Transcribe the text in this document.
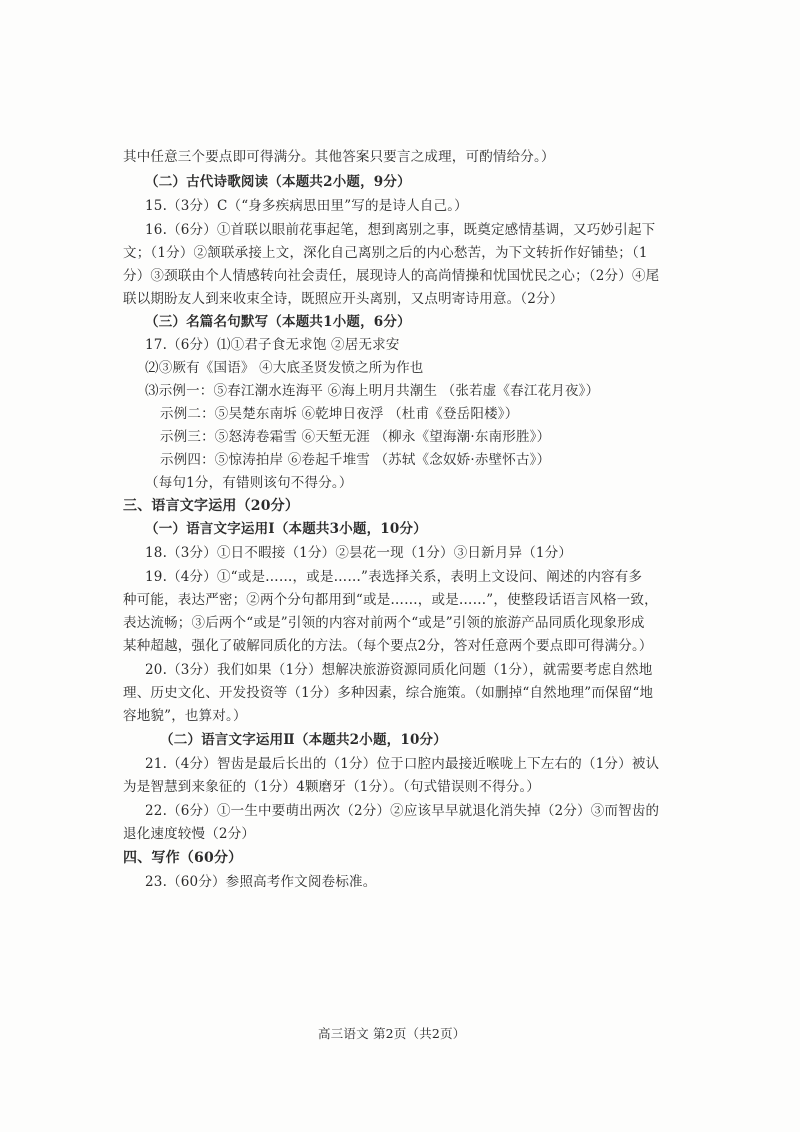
其中任意三个要点即可得满分。其他答案只要言之成理，可酌情给分。）
（二）古代诗歌阅读（本题共2小题，9分）
15.（3分）C（“身多疾病思田里”写的是诗人自己。）
16.（6分）①首联以眼前花事起笔，想到离别之事，既奠定感情基调，又巧妙引起下
文；（1分）②颔联承接上文，深化自己离别之后的内心愁苦，为下文转折作好铺垫；（1
分）③颈联由个人情感转向社会责任，展现诗人的高尚情操和忧国忧民之心；（2分）④尾
联以期盼友人到来收束全诗，既照应开头离别，又点明寄诗用意。（2分）
（三）名篇名句默写（本题共1小题，6分）
17.（6分）⑴①君子食无求饱 ②居无求安
⑵③厥有《国语》 ④大底圣贤发愤之所为作也
⑶示例一：⑤春江潮水连海平 ⑥海上明月共潮生 （张若虚《春江花月夜》）
示例二：⑤吴楚东南坼 ⑥乾坤日夜浮 （杜甫《登岳阳楼》）
示例三：⑤怒涛卷霜雪 ⑥天堑无涯 （柳永《望海潮·东南形胜》）
示例四：⑤惊涛拍岸 ⑥卷起千堆雪 （苏轼《念奴娇·赤壁怀古》）
（每句1分，有错则该句不得分。）
三、语言文字运用（20分）
（一）语言文字运用Ⅰ（本题共3小题，10分）
18.（3分）①日不暇接（1分）②昙花一现（1分）③日新月异（1分）
19.（4分）①“或是……，或是……”表选择关系，表明上文设问、阐述的内容有多
种可能，表达严密；②两个分句都用到“或是……，或是……”，使整段话语言风格一致，
表达流畅；③后两个“或是”引领的内容对前两个“或是”引领的旅游产品同质化现象形成
某种超越，强化了破解同质化的方法。（每个要点2分，答对任意两个要点即可得满分。）
20.（3分）我们如果（1分）想解决旅游资源同质化问题（1分），就需要考虑自然地
理、历史文化、开发投资等（1分）多种因素，综合施策。（如删掉“自然地理”而保留“地
容地貌”，也算对。）
（二）语言文字运用Ⅱ（本题共2小题，10分）
21.（4分）智齿是最后长出的（1分）位于口腔内最接近喉咙上下左右的（1分）被认
为是智慧到来象征的（1分）4颗磨牙（1分）。（句式错误则不得分。）
22.（6分）①一生中要萌出两次（2分）②应该早早就退化消失掉（2分）③而智齿的
退化速度较慢（2分）
四、写作（60分）
23.（60分）参照高考作文阅卷标准。
高三语文 第2页（共2页）
